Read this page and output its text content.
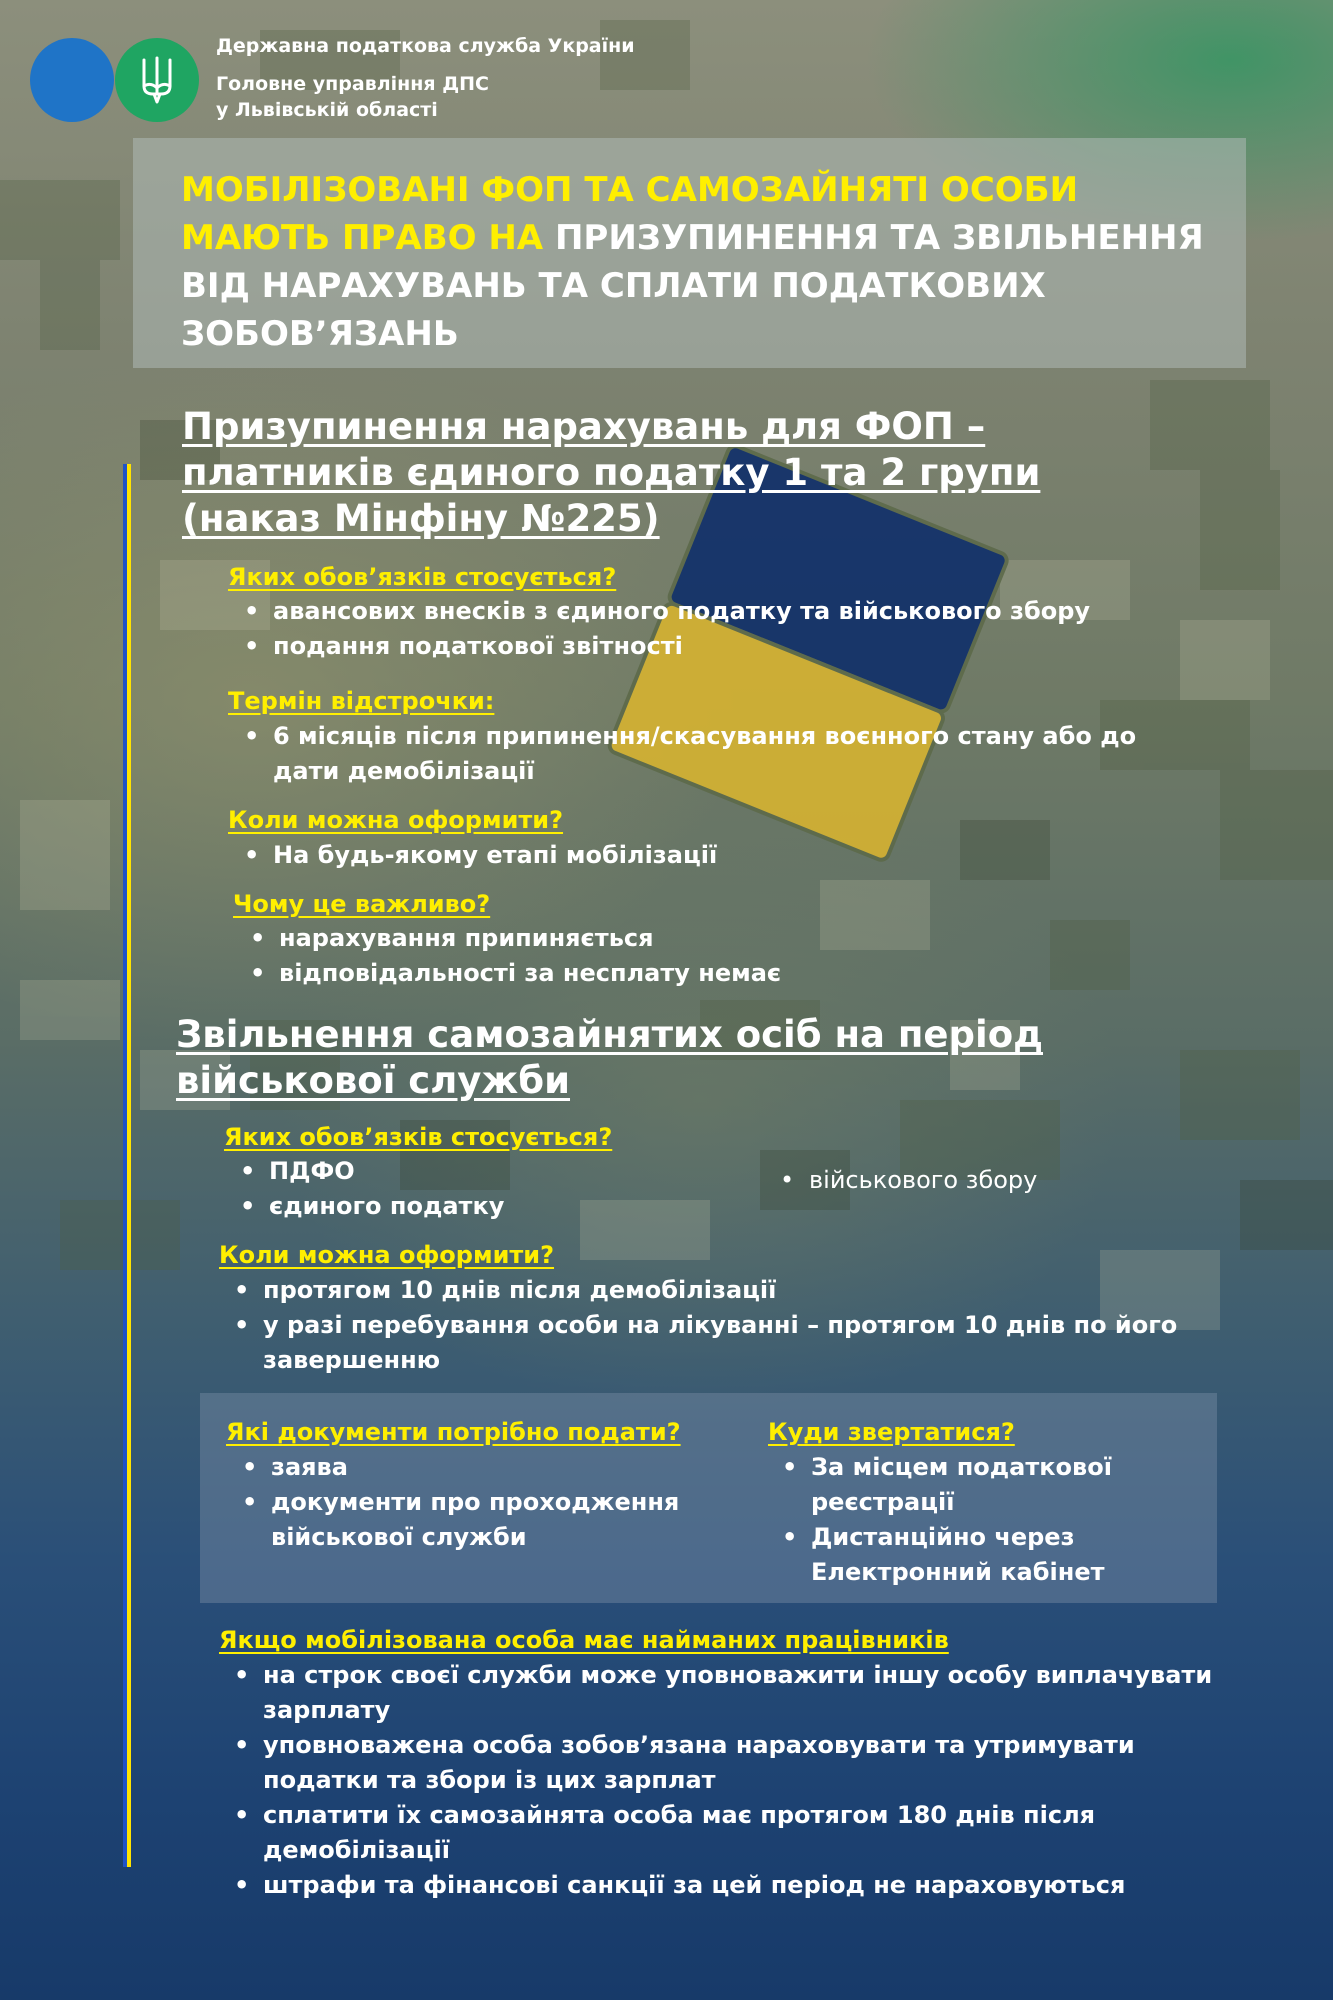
Державна податкова служба України
Головне управління ДПС
у Львівській області
МОБІЛІЗОВАНІ ФОП ТА САМОЗАЙНЯТІ ОСОБИ МАЮТЬ ПРАВО НА ПРИЗУПИНЕННЯ ТА ЗВІЛЬНЕННЯ ВІД НАРАХУВАНЬ ТА СПЛАТИ ПОДАТКОВИХ ЗОБОВ’ЯЗАНЬ
Призупинення нарахувань для ФОП – платників єдиного податку 1 та 2 групи (наказ Мінфіну №225)
Яких обов’язків стосується?
• авансових внесків з єдиного податку та військового збору
• подання податкової звітності
Термін відстрочки:
• 6 місяців після припинення/скасування воєнного стану або до дати демобілізації
Коли можна оформити?
• На будь-якому етапі мобілізації
Чому це важливо?
• нарахування припиняється
• відповідальності за несплату немає
Звільнення самозайнятих осіб на період військової служби
Яких обов’язків стосується?
• ПДФО
• єдиного податку
• військового збору
Коли можна оформити?
• протягом 10 днів після демобілізації
• у разі перебування особи на лікуванні – протягом 10 днів по його завершенню
Які документи потрібно подати?
• заява
• документи про проходження військової служби
Куди звертатися?
• За місцем податкової реєстрації
• Дистанційно через Електронний кабінет
Якщо мобілізована особа має найманих працівників
• на строк своєї служби може уповноважити іншу особу виплачувати зарплату
• уповноважена особа зобов’язана нараховувати та утримувати податки та збори із цих зарплат
• сплатити їх самозайнята особа має протягом 180 днів після демобілізації
• штрафи та фінансові санкції за цей період не нараховуються
